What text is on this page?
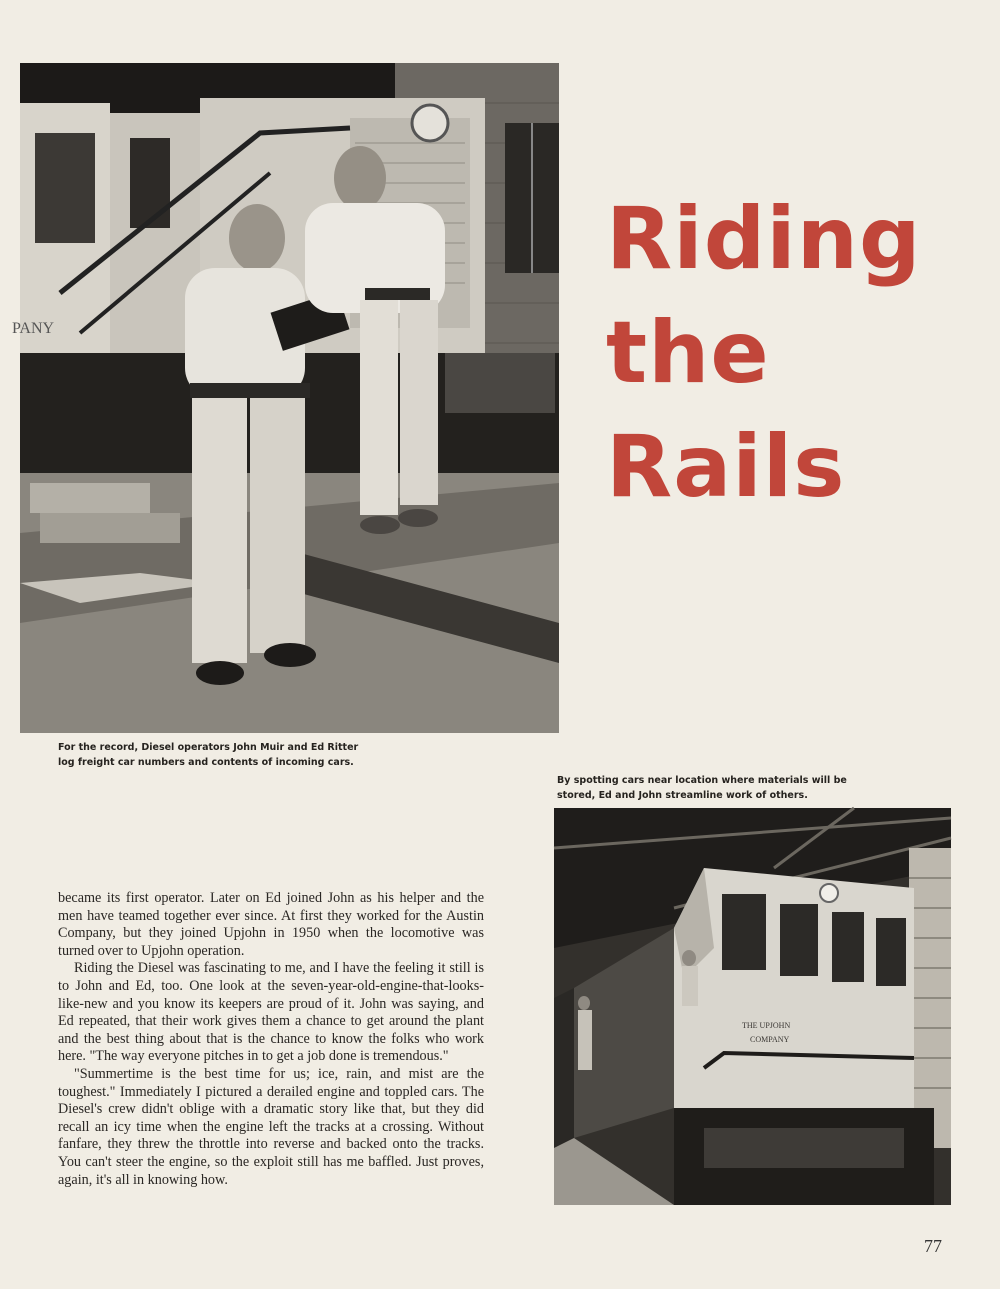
PANY
Riding
the
Rails
For the record, Diesel operators John Muir and Ed Ritter log freight car numbers and contents of incoming cars.
By spotting cars near location where materials will be stored, Ed and John streamline work of others.
THE UPJOHN
COMPANY

became its first operator. Later on Ed joined John as his helper and the men have teamed together ever since. At first they worked for the Austin Company, but they joined Upjohn in 1950 when the locomotive was turned over to Upjohn operation.

Riding the Diesel was fascinating to me, and I have the feeling it still is to John and Ed, too. One look at the seven-year-old-engine-that-looks-like-new and you know its keepers are proud of it. John was saying, and Ed repeated, that their work gives them a chance to get around the plant and the best thing about that is the chance to know the folks who work here. "The way everyone pitches in to get a job done is tremendous."

"Summertime is the best time for us; ice, rain, and mist are the toughest." Immediately I pictured a derailed engine and toppled cars. The Diesel's crew didn't oblige with a dramatic story like that, but they did recall an icy time when the engine left the tracks at a crossing. Without fanfare, they threw the throttle into reverse and backed onto the tracks. You can't steer the engine, so the exploit still has me baffled. Just proves, again, it's all in knowing how.

77
